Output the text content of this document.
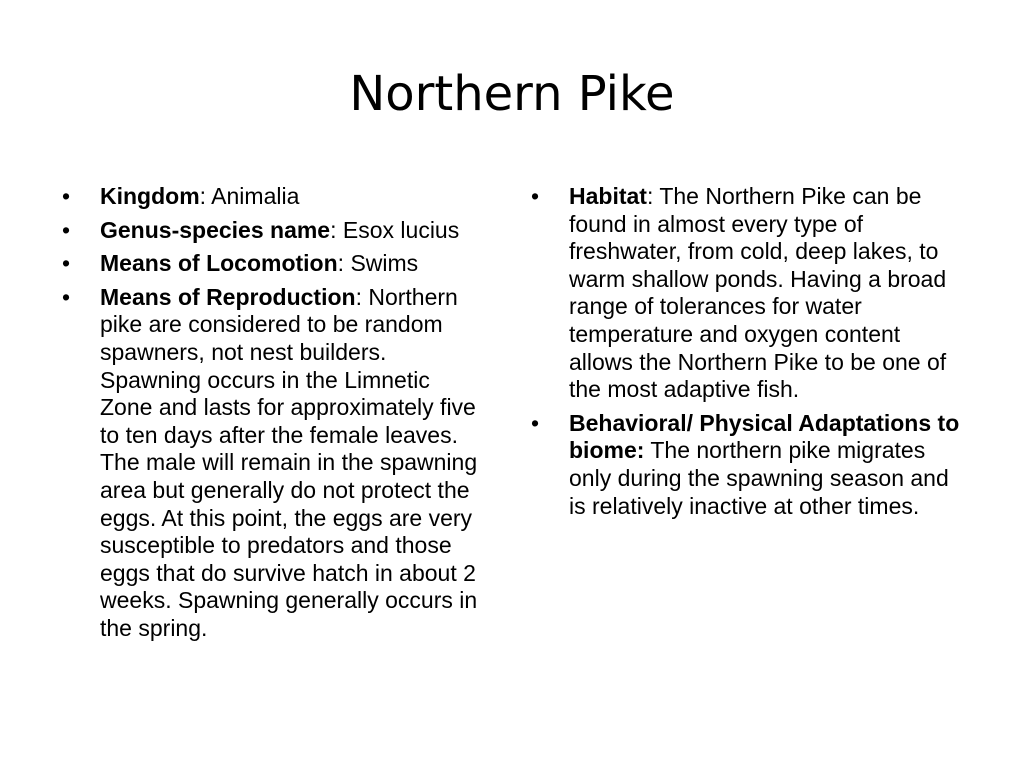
Northern Pike
• Kingdom: Animalia
• Genus-species name: Esox lucius
• Means of Locomotion: Swims
• Means of Reproduction: Northern pike are considered to be random spawners, not nest builders. Spawning occurs in the Limnetic Zone and lasts for approximately five to ten days after the female leaves. The male will remain in the spawning area but generally do not protect the eggs. At this point, the eggs are very susceptible to predators and those eggs that do survive hatch in about 2 weeks. Spawning generally occurs in the spring.
• Habitat: The Northern Pike can be found in almost every type of freshwater, from cold, deep lakes, to warm shallow ponds. Having a broad range of tolerances for water temperature and oxygen content allows the Northern Pike to be one of the most adaptive fish.
• Behavioral/ Physical Adaptations to biome: The northern pike migrates only during the spawning season and is relatively inactive at other times.
